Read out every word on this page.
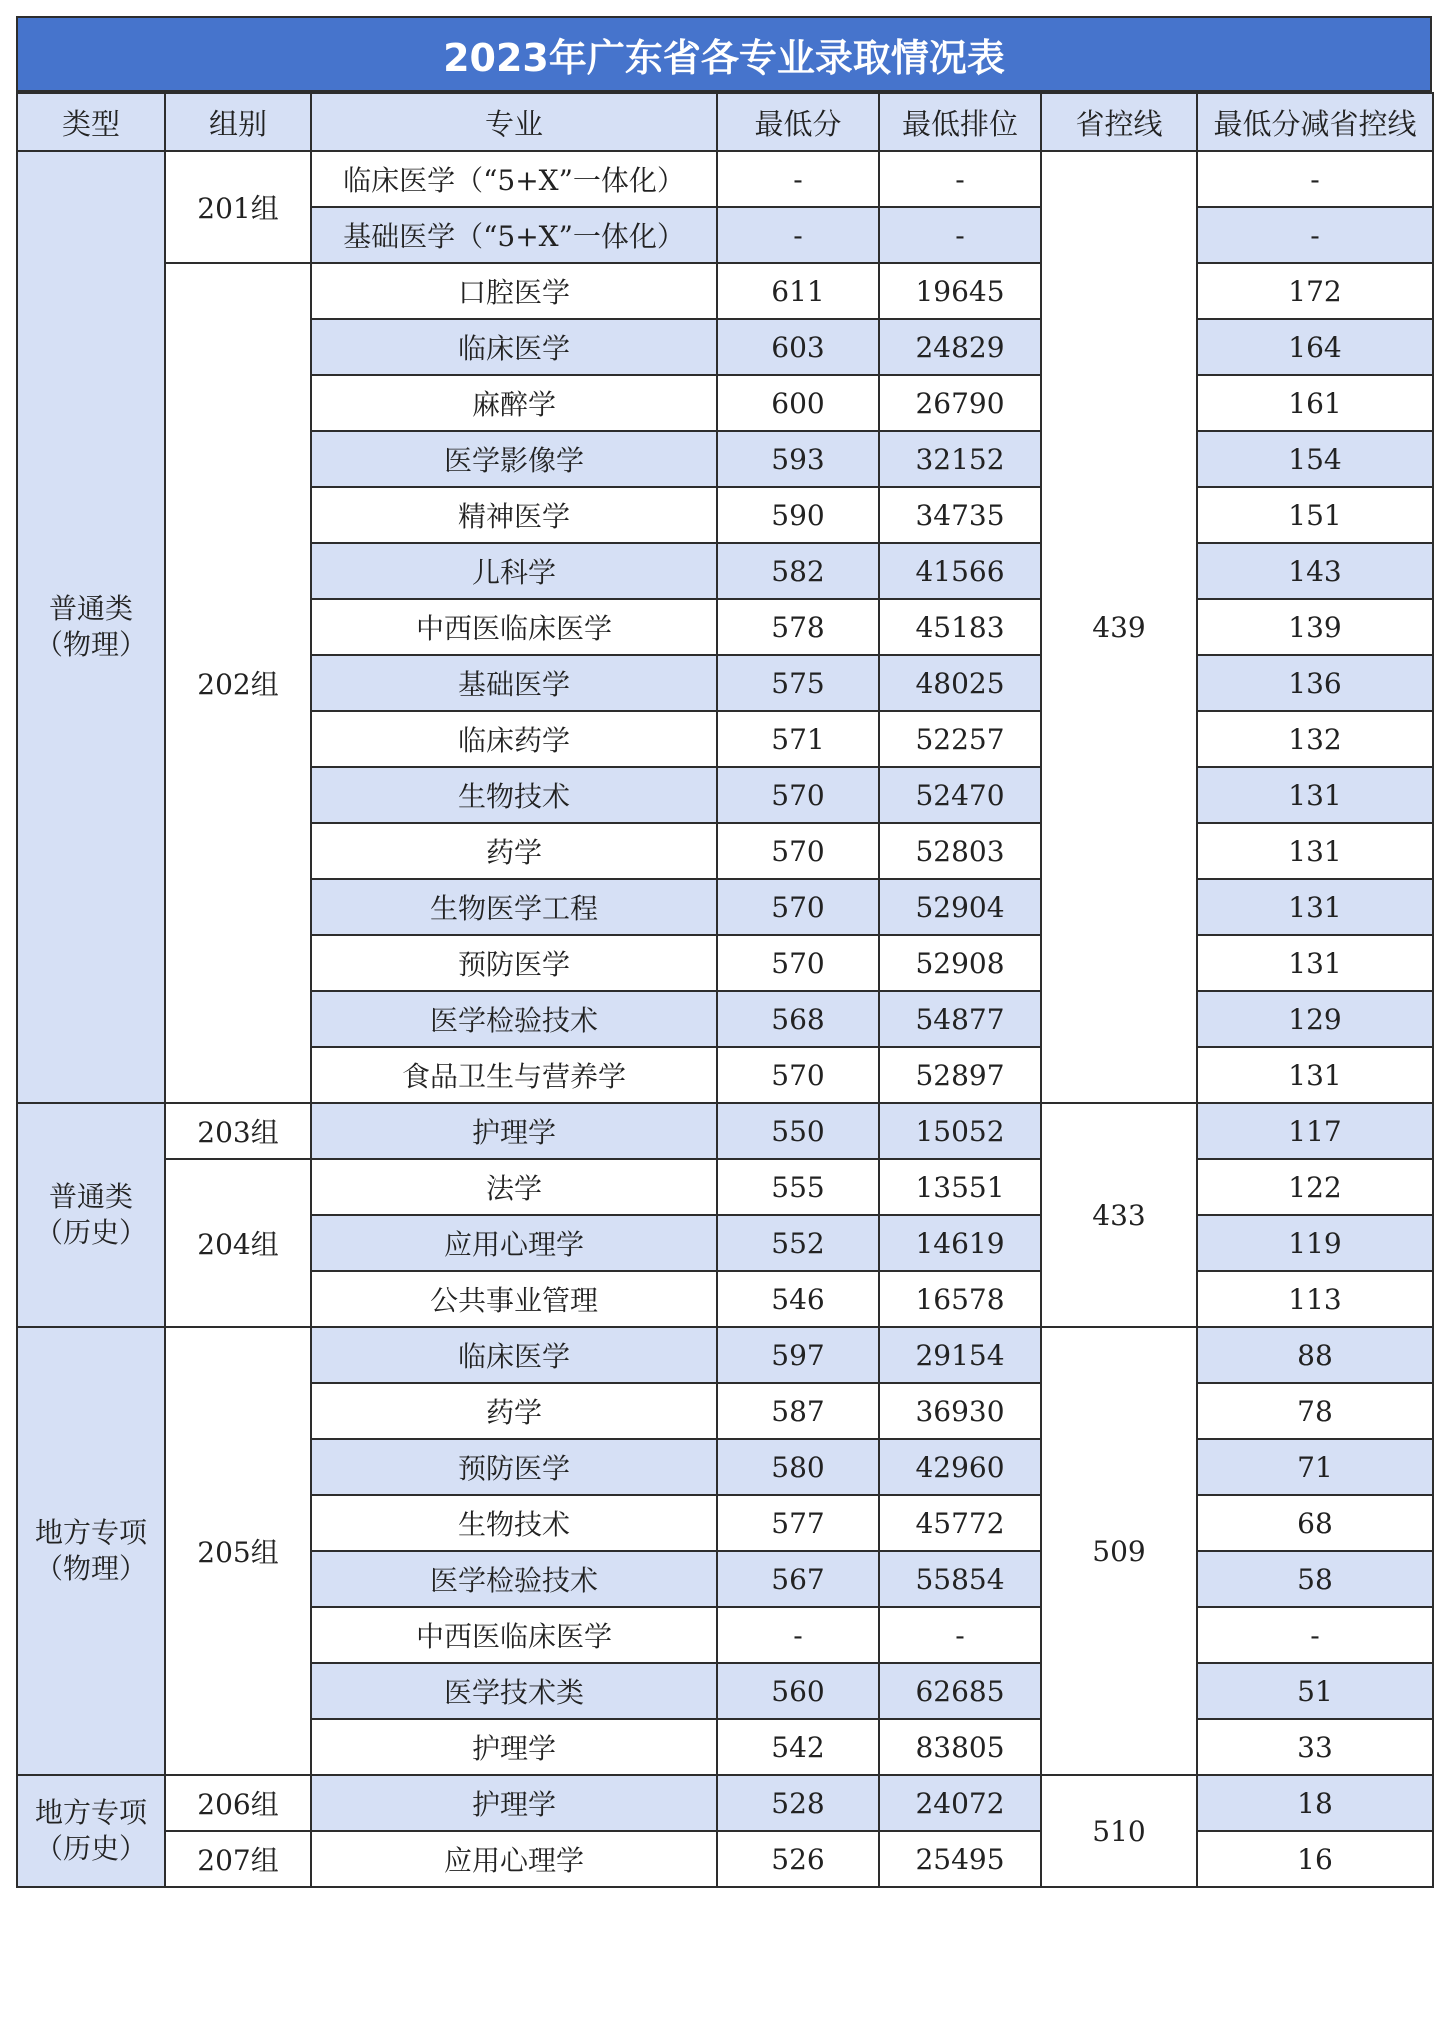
2023年广东省各专业录取情况表
类型	组别	专业	最低分	最低排位	省控线	最低分减省控线

普通类
（物理）	201组	临床医学（“5+X”一体化）	-	-	439	-
		基础医学（“5+X”一体化）	-	-		-
	202组	口腔医学	611	19645		172
		临床医学	603	24829		164
		麻醉学	600	26790		161
		医学影像学	593	32152		154
		精神医学	590	34735		151
		儿科学	582	41566		143
		中西医临床医学	578	45183		139
		基础医学	575	48025		136
		临床药学	571	52257		132
		生物技术	570	52470		131
		药学	570	52803		131
		生物医学工程	570	52904		131
		预防医学	570	52908		131
		医学检验技术	568	54877		129
		食品卫生与营养学	570	52897		131

普通类
（历史）	203组	护理学	550	15052	433	117
	204组	法学	555	13551		122
		应用心理学	552	14619		119
		公共事业管理	546	16578		113

地方专项
（物理）	205组	临床医学	597	29154	509	88
		药学	587	36930		78
		预防医学	580	42960		71
		生物技术	577	45772		68
		医学检验技术	567	55854		58
		中西医临床医学	-	-		-
		医学技术类	560	62685		51
		护理学	542	83805		33

地方专项
（历史）	206组	护理学	528	24072	510	18
	207组	应用心理学	526	25495		16
